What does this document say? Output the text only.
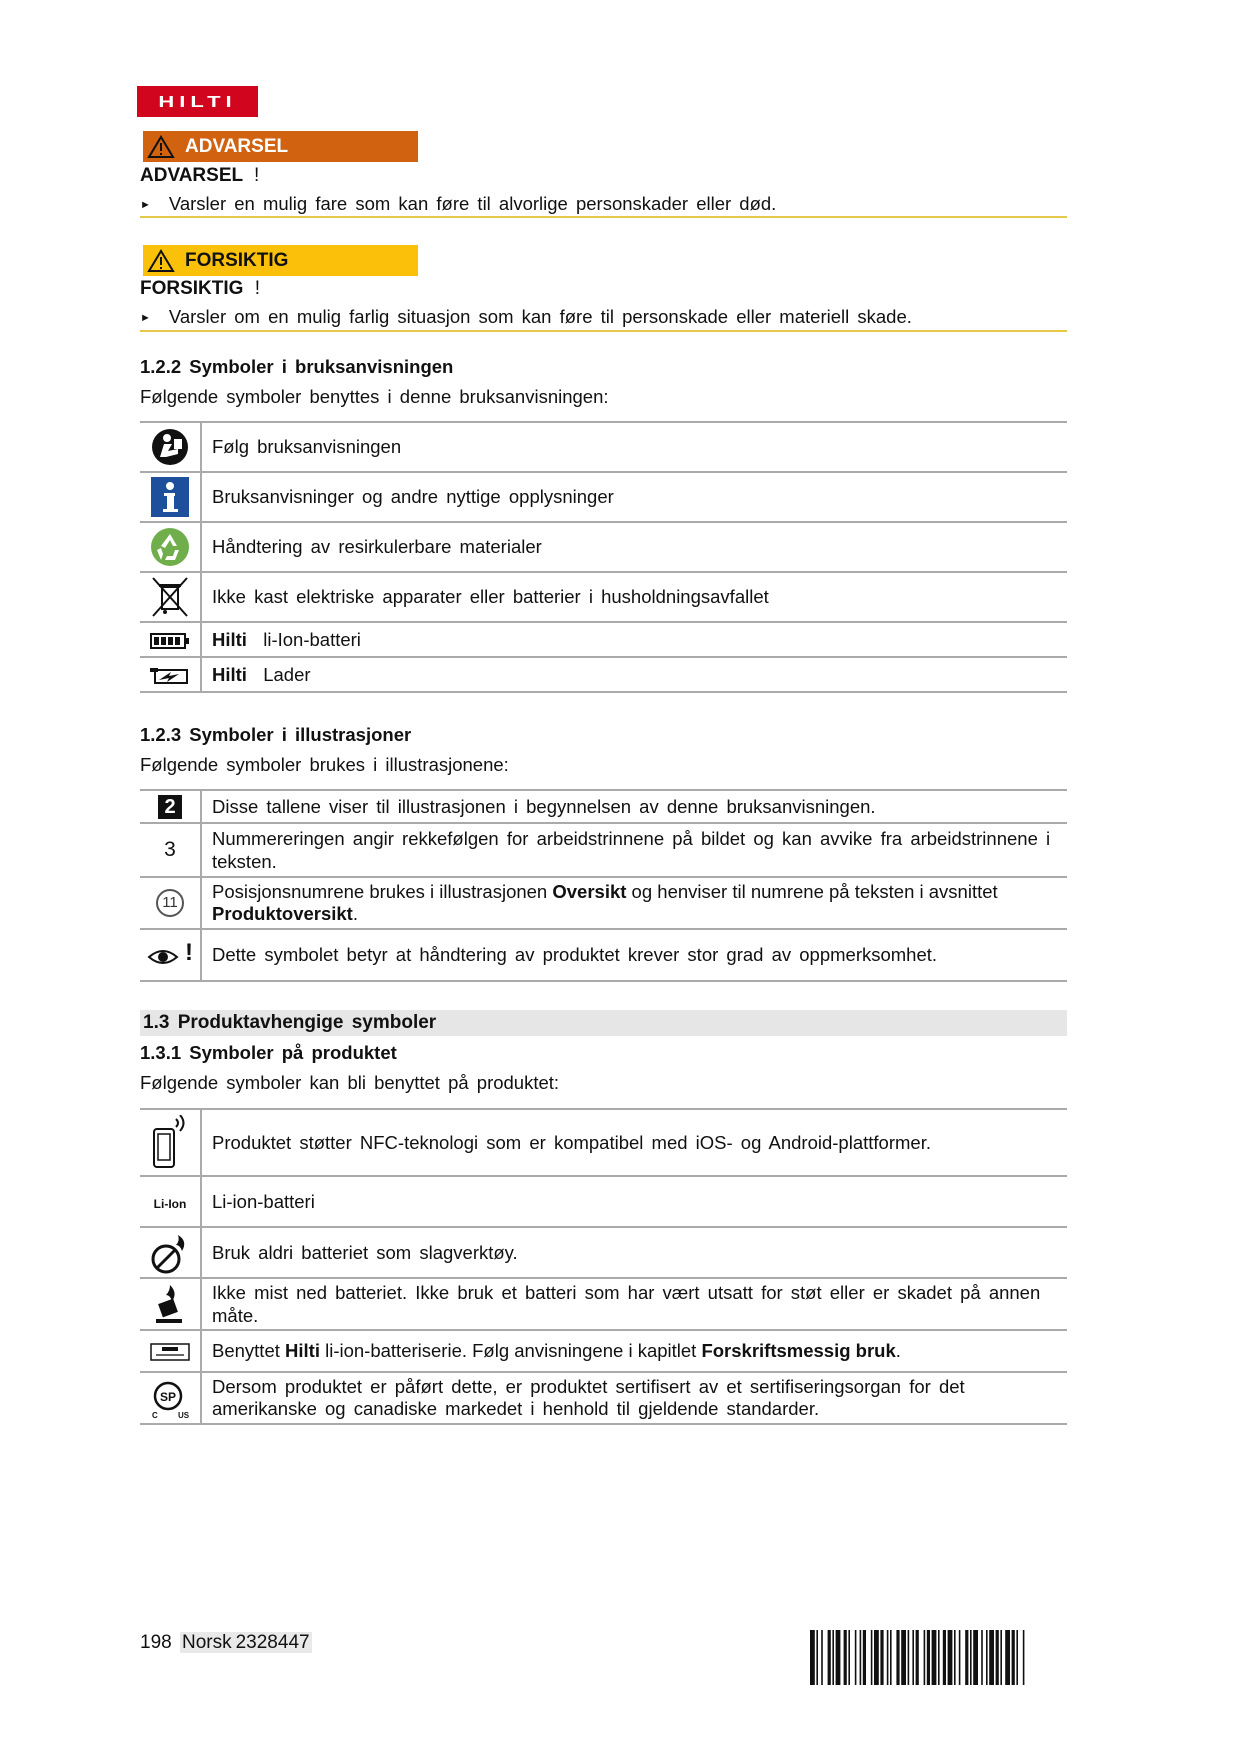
HILTI
ADVARSEL
ADVARSEL !
► Varsler en mulig fare som kan føre til alvorlige personskader eller død.
FORSIKTIG
FORSIKTIG !
► Varsler om en mulig farlig situasjon som kan føre til personskade eller materiell skade.
1.2.2 Symboler i bruksanvisningen
Følgende symboler benyttes i denne bruksanvisningen:
	Følg bruksanvisningen
	Bruksanvisninger og andre nyttige opplysninger
	Håndtering av resirkulerbare materialer
	Ikke kast elektriske apparater eller batterier i husholdningsavfallet
	Hilti li-Ion-batteri
	Hilti Lader
1.2.3 Symboler i illustrasjoner
Følgende symboler brukes i illustrasjonene:
2	Disse tallene viser til illustrasjonen i begynnelsen av denne bruksanvisningen.
3	Nummereringen angir rekkefølgen for arbeidstrinnene på bildet og kan avvike fra arbeidstrinnene i teksten.
11	Posisjonsnumrene brukes i illustrasjonen Oversikt og henviser til numrene på teksten i avsnittet Produktoversikt.
!	Dette symbolet betyr at håndtering av produktet krever stor grad av oppmerksomhet.
1.3 Produktavhengige symboler
1.3.1 Symboler på produktet
Følgende symboler kan bli benyttet på produktet:
	Produktet støtter NFC-teknologi som er kompatibel med iOS- og Android-plattformer.
Li-Ion	Li-ion-batteri
	Bruk aldri batteriet som slagverktøy.
	Ikke mist ned batteriet. Ikke bruk et batteri som har vært utsatt for støt eller er skadet på annen måte.
	Benyttet Hilti li-ion-batteriserie. Følg anvisningene i kapitlet Forskriftsmessig bruk.

SP
C US	Dersom produktet er påført dette, er produktet sertifisert av et sertifiseringsorgan for det amerikanske og canadiske markedet i henhold til gjeldende standarder.
198 Norsk 2328447
